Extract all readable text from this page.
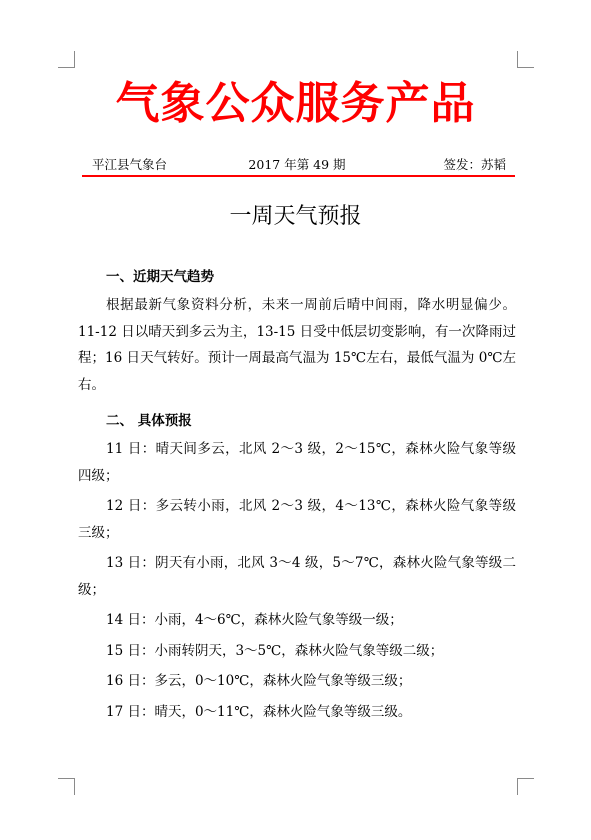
气象公众服务产品
平江县气象台	2017 年第 49 期	签发：苏韬
一周天气预报
一、近期天气趋势

根据最新气象资料分析，未来一周前后晴中间雨，降水明显偏少。11-12 日以晴天到多云为主，13-15 日受中低层切变影响，有一次降雨过程；16 日天气转好。预计一周最高气温为 15℃左右，最低气温为 0℃左右。

二、 具体预报

11 日：晴天间多云，北风 2～3 级，2～15℃，森林火险气象等级四级；

12 日：多云转小雨，北风 2～3 级，4～13℃，森林火险气象等级三级；

13 日：阴天有小雨，北风 3～4 级，5～7℃，森林火险气象等级二级；

14 日：小雨，4～6℃，森林火险气象等级一级；

15 日：小雨转阴天，3～5℃，森林火险气象等级二级；

16 日：多云，0～10℃，森林火险气象等级三级；

17 日：晴天，0～11℃，森林火险气象等级三级。
